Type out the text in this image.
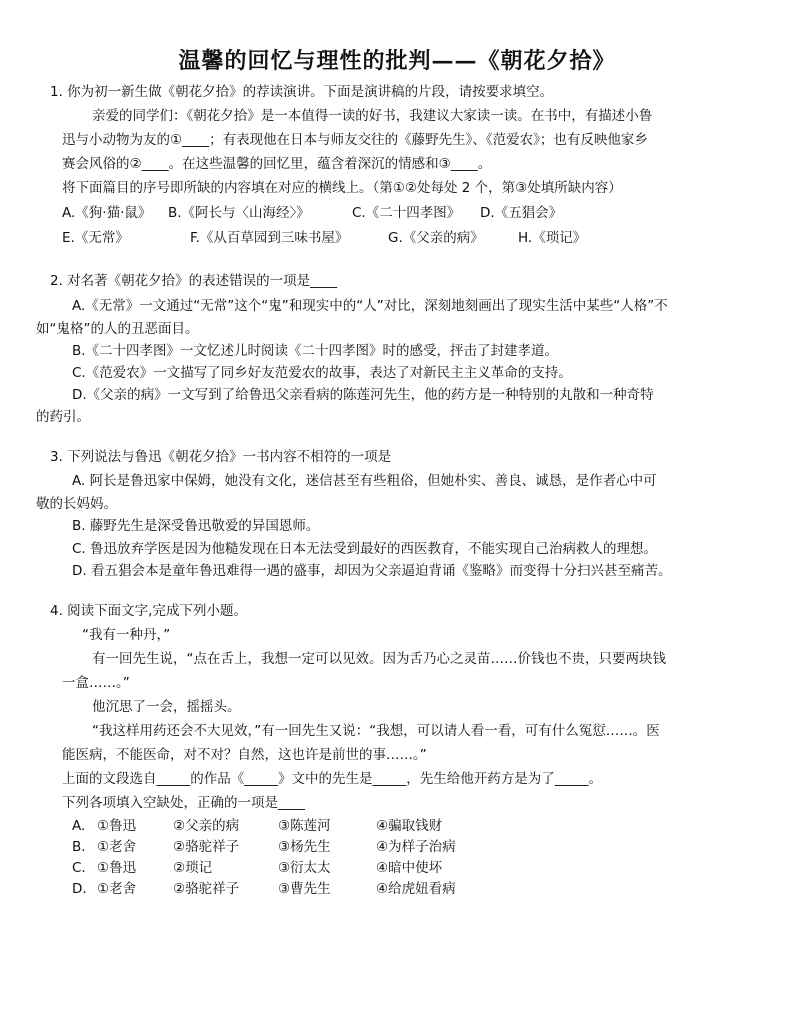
温馨的回忆与理性的批判——《朝花夕拾》
1. 你为初一新生做《朝花夕拾》的荐读演讲。下面是演讲稿的片段，请按要求填空。
亲爱的同学们：《朝花夕拾》是一本值得一读的好书，我建议大家读一读。在书中，有描述小鲁
迅与小动物为友的①____；有表现他在日本与师友交往的《藤野先生》、《范爱农》；也有反映他家乡
赛会风俗的②____。在这些温馨的回忆里，蕴含着深沉的情感和③____。
将下面篇目的序号即所缺的内容填在对应的横线上。（第①②处每处 2 个，第③处填所缺内容）
A.《狗·猫·鼠》 B.《阿长与〈山海经〉》	C.《二十四孝图》 D.《五猖会》
E.《无常》	F.《从百草园到三味书屋》	G.《父亲的病》	H.《琐记》
2. 对名著《朝花夕拾》的表述错误的一项是____
A.《无常》一文通过“无常”这个“鬼”和现实中的“人”对比，深刻地刻画出了现实生活中某些“人格”不
如“鬼格”的人的丑恶面目。
B.《二十四孝图》一文忆述儿时阅读《二十四孝图》时的感受，抨击了封建孝道。
C.《范爱农》一文描写了同乡好友范爱农的故事，表达了对新民主主义革命的支持。
D.《父亲的病》一文写到了给鲁迅父亲看病的陈莲河先生，他的药方是一种特别的丸散和一种奇特
的药引。
3. 下列说法与鲁迅《朝花夕拾》一书内容不相符的一项是
A. 阿长是鲁迅家中保姆，她没有文化，迷信甚至有些粗俗，但她朴实、善良、诚恳，是作者心中可
敬的长妈妈。
B. 藤野先生是深受鲁迅敬爱的异国恩师。
C. 鲁迅放弃学医是因为他糙发现在日本无法受到最好的西医教育，不能实现自己治病救人的理想。
D. 看五猖会本是童年鲁迅难得一遇的盛事，却因为父亲逼迫背诵《鉴略》而变得十分扫兴甚至痛苦。
4. 阅读下面文字,完成下列小题。
“我有一种丹，”
有一回先生说，“点在舌上，我想一定可以见效。因为舌乃心之灵苗……价钱也不贵，只要两块钱
一盒……。”
他沉思了一会，摇摇头。
“我这样用药还会不大见效，”有一回先生又说：“我想，可以请人看一看，可有什么冤愆……。医
能医病，不能医命，对不对？自然，这也许是前世的事……。”
上面的文段选自_____的作品《_____》文中的先生是_____，先生给他开药方是为了_____。
下列各项填入空缺处，正确的一项是____
A. ①鲁迅	②父亲的病	③陈莲河	④骗取钱财
B. ①老舍	②骆驼祥子	③杨先生	④为样子治病
C. ①鲁迅	②琐记	③衍太太	④暗中使坏
D. ①老舍	②骆驼祥子	③曹先生	④给虎妞看病
